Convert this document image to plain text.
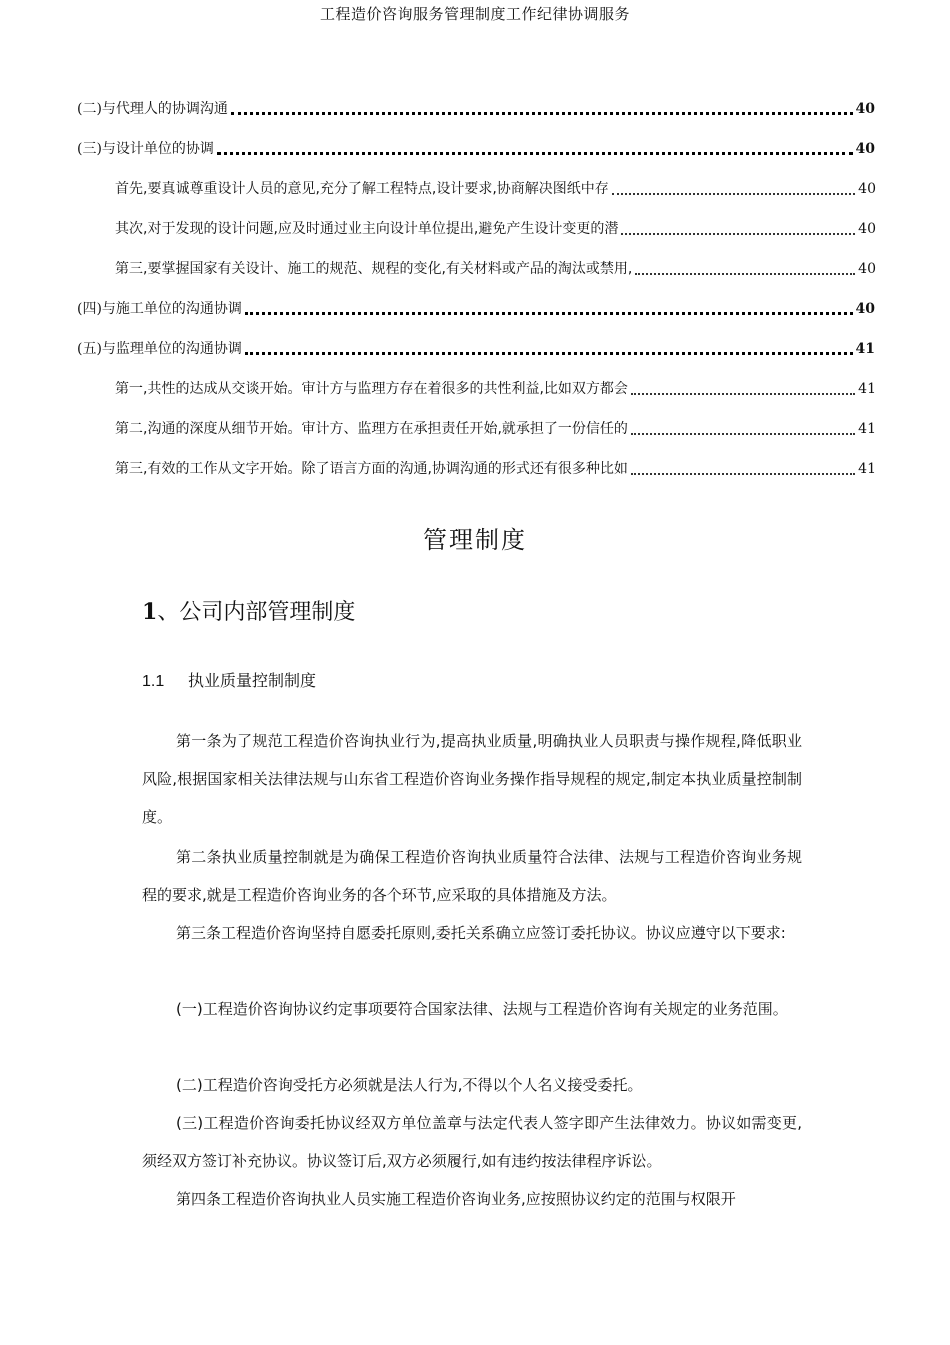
工程造价咨询服务管理制度工作纪律协调服务
(二)与代理人的协调沟通	40
(三)与设计单位的协调	40
首先,要真诚尊重设计人员的意见,充分了解工程特点,设计要求,协商解决图纸中存	40
其次,对于发现的设计问题,应及时通过业主向设计单位提出,避免产生设计变更的潜	40
第三,要掌握国家有关设计、施工的规范、规程的变化,有关材料或产品的淘汰或禁用,	40
(四)与施工单位的沟通协调	40
(五)与监理单位的沟通协调	41
第一,共性的达成从交谈开始。审计方与监理方存在着很多的共性利益,比如双方都会	41
第二,沟通的深度从细节开始。审计方、监理方在承担责任开始,就承担了一份信任的	41
第三,有效的工作从文字开始。除了语言方面的沟通,协调沟通的形式还有很多种比如	41
管理制度
1、公司内部管理制度
1.1 执业质量控制制度

第一条为了规范工程造价咨询执业行为,提高执业质量,明确执业人员职责与操作规程,降低职业风险,根据国家相关法律法规与山东省工程造价咨询业务操作指导规程的规定,制定本执业质量控制制度。

第二条执业质量控制就是为确保工程造价咨询执业质量符合法律、法规与工程造价咨询业务规程的要求,就是工程造价咨询业务的各个环节,应采取的具体措施及方法。

第三条工程造价咨询坚持自愿委托原则,委托关系确立应签订委托协议。协议应遵守以下要求:

(一)工程造价咨询协议约定事项要符合国家法律、法规与工程造价咨询有关规定的业务范围。

(二)工程造价咨询受托方必须就是法人行为,不得以个人名义接受委托。

(三)工程造价咨询委托协议经双方单位盖章与法定代表人签字即产生法律效力。协议如需变更,须经双方签订补充协议。协议签订后,双方必须履行,如有违约按法律程序诉讼。

第四条工程造价咨询执业人员实施工程造价咨询业务,应按照协议约定的范围与权限开
